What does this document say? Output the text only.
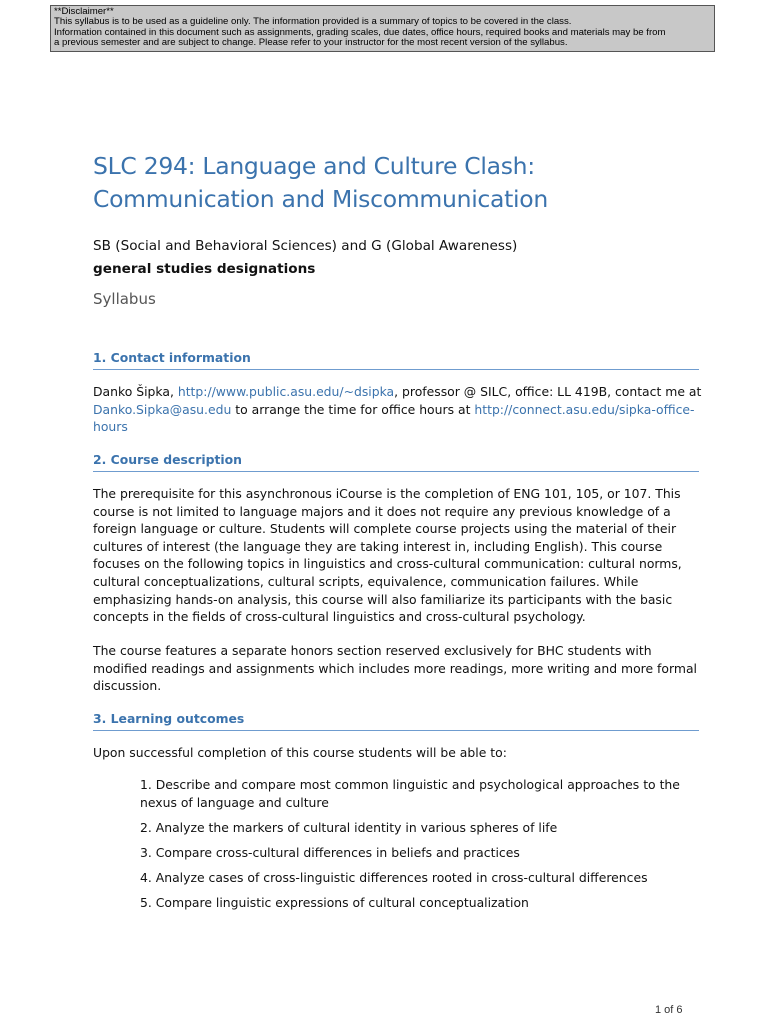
**Disclaimer**
This syllabus is to be used as a guideline only. The information provided is a summary of topics to be covered in the class.
Information contained in this document such as assignments, grading scales, due dates, office hours, required books and materials may be from
a previous semester and are subject to change. Please refer to your instructor for the most recent version of the syllabus.
SLC 294: Language and Culture Clash:
Communication and Miscommunication
SB (Social and Behavioral Sciences) and G (Global Awareness)
general studies designations
Syllabus
1. Contact information

Danko Šipka, http://www.public.asu.edu/~dsipka, professor @ SILC, office: LL 419B, contact me at Danko.Sipka@asu.edu to arrange the time for office hours at http://connect.asu.edu/sipka-office-hours

2. Course description

The prerequisite for this asynchronous iCourse is the completion of ENG 101, 105, or 107. This course is not limited to language majors and it does not require any previous knowledge of a foreign language or culture. Students will complete course projects using the material of their cultures of interest (the language they are taking interest in, including English). This course focuses on the following topics in linguistics and cross-cultural communication: cultural norms, cultural conceptualizations, cultural scripts, equivalence, communication failures. While emphasizing hands-on analysis, this course will also familiarize its participants with the basic concepts in the fields of cross-cultural linguistics and cross-cultural psychology.

The course features a separate honors section reserved exclusively for BHC students with modified readings and assignments which includes more readings, more writing and more formal discussion.

3. Learning outcomes

Upon successful completion of this course students will be able to:

1. Describe and compare most common linguistic and psychological approaches to the nexus of language and culture
2. Analyze the markers of cultural identity in various spheres of life
3. Compare cross-cultural differences in beliefs and practices
4. Analyze cases of cross-linguistic differences rooted in cross-cultural differences
5. Compare linguistic expressions of cultural conceptualization
1 of 6
